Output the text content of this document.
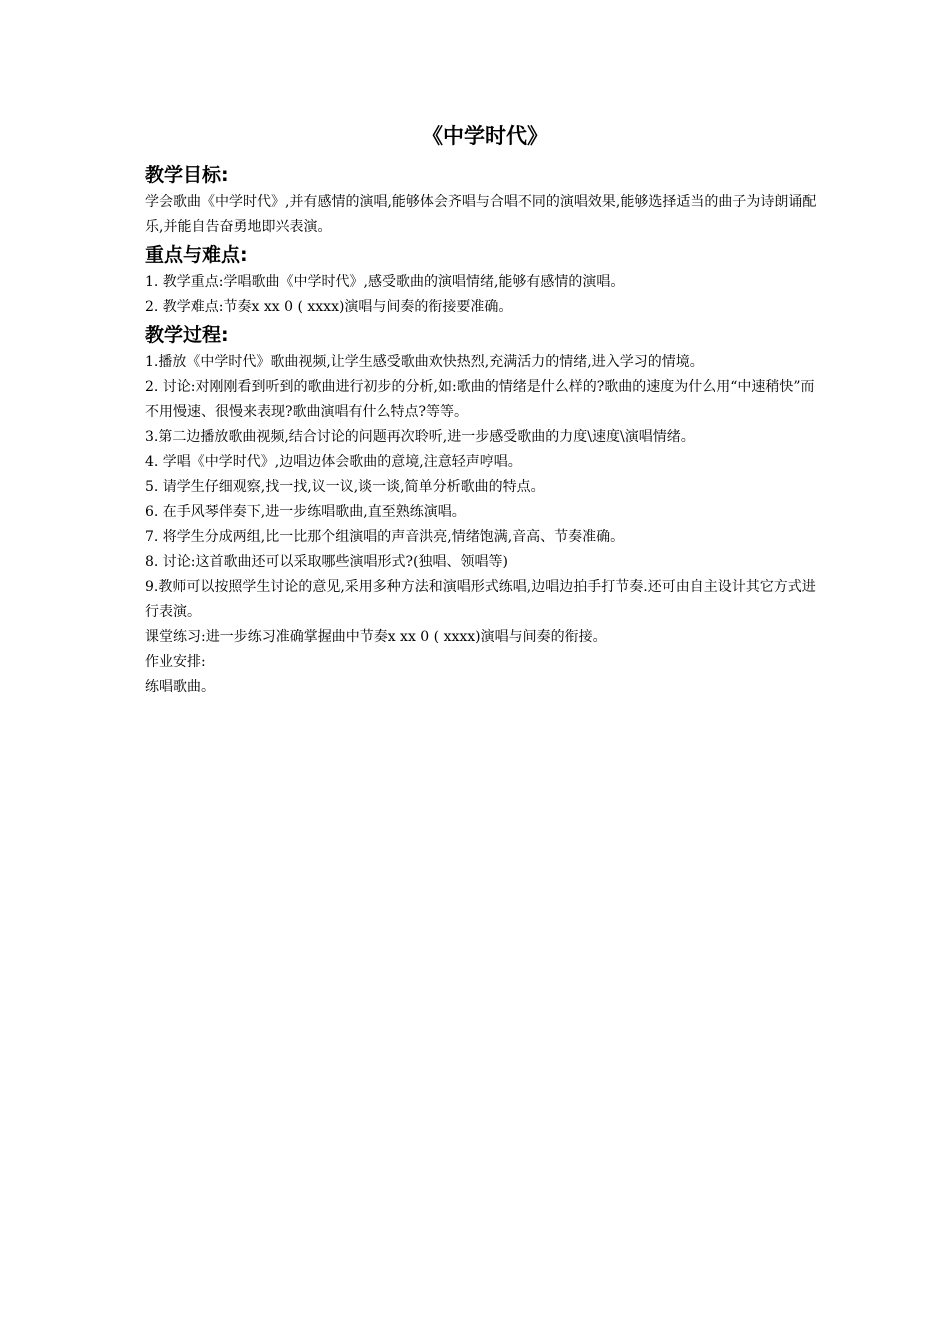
《中学时代》
教学目标:

学会歌曲《中学时代》,并有感情的演唱,能够体会齐唱与合唱不同的演唱效果,能够选择适当的曲子为诗朗诵配乐,并能自告奋勇地即兴表演。

重点与难点:
1. 教学重点:学唱歌曲《中学时代》,感受歌曲的演唱情绪,能够有感情的演唱。
2. 教学难点:节奏x xx 0 ( xxxx)演唱与间奏的衔接要准确。
教学过程:
1.播放《中学时代》歌曲视频,让学生感受歌曲欢快热烈,充满活力的情绪,进入学习的情境。
2. 讨论:对刚刚看到听到的歌曲进行初步的分析,如:歌曲的情绪是什么样的?歌曲的速度为什么用“中速稍快”而不用慢速、很慢来表现?歌曲演唱有什么特点?等等。
3.第二边播放歌曲视频,结合讨论的问题再次聆听,进一步感受歌曲的力度\速度\演唱情绪。
4. 学唱《中学时代》,边唱边体会歌曲的意境,注意轻声哼唱。
5. 请学生仔细观察,找一找,议一议,谈一谈,简单分析歌曲的特点。
6. 在手风琴伴奏下,进一步练唱歌曲,直至熟练演唱。
7. 将学生分成两组,比一比那个组演唱的声音洪亮,情绪饱满,音高、节奏准确。
8. 讨论:这首歌曲还可以采取哪些演唱形式?(独唱、领唱等)
9.教师可以按照学生讨论的意见,采用多种方法和演唱形式练唱,边唱边拍手打节奏.还可由自主设计其它方式进行表演。

课堂练习:进一步练习准确掌握曲中节奏x xx 0 ( xxxx)演唱与间奏的衔接。

作业安排:

练唱歌曲。
